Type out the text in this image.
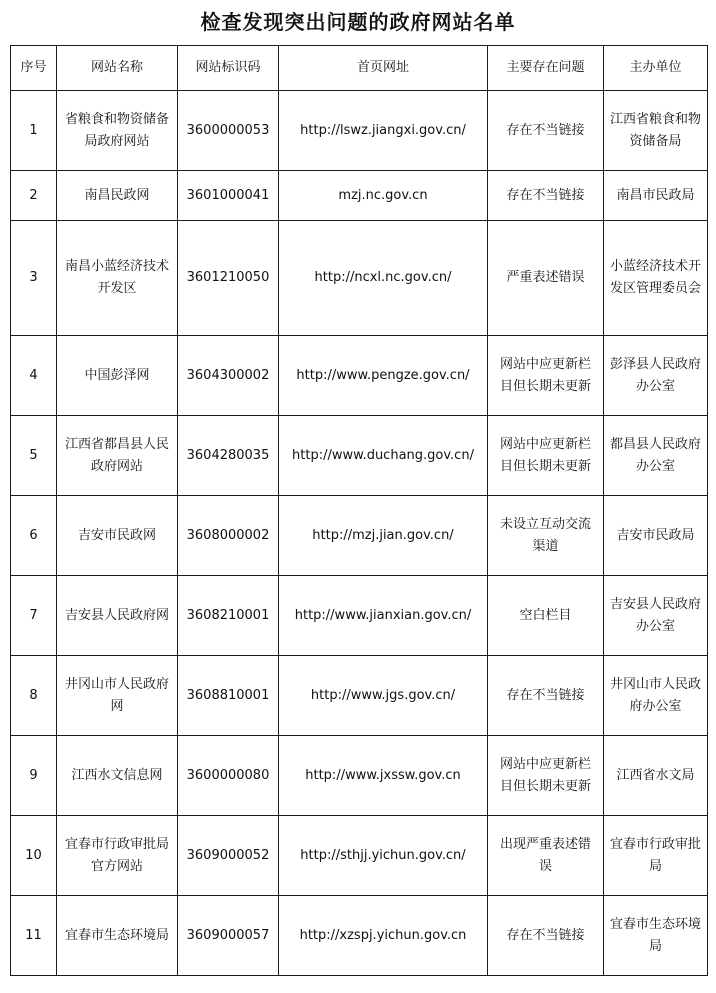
检查发现突出问题的政府网站名单
序号	网站名称	网站标识码	首页网址	主要存在问题	主办单位
1	省粮食和物资储备局政府网站	3600000053	http://lswz.jiangxi.gov.cn/	存在不当链接	江西省粮食和物资储备局
2	南昌民政网	3601000041	mzj.nc.gov.cn	存在不当链接	南昌市民政局
3	南昌小蓝经济技术开发区	3601210050	http://ncxl.nc.gov.cn/	严重表述错误	小蓝经济技术开发区管理委员会
4	中国彭泽网	3604300002	http://www.pengze.gov.cn/	网站中应更新栏目但长期未更新	彭泽县人民政府办公室
5	江西省都昌县人民政府网站	3604280035	http://www.duchang.gov.cn/	网站中应更新栏目但长期未更新	都昌县人民政府办公室
6	吉安市民政网	3608000002	http://mzj.jian.gov.cn/	未设立互动交流渠道	吉安市民政局
7	吉安县人民政府网	3608210001	http://www.jianxian.gov.cn/	空白栏目	吉安县人民政府办公室
8	井冈山市人民政府网	3608810001	http://www.jgs.gov.cn/	存在不当链接	井冈山市人民政府办公室
9	江西水文信息网	3600000080	http://www.jxssw.gov.cn	网站中应更新栏目但长期未更新	江西省水文局
10	宜春市行政审批局官方网站	3609000052	http://sthjj.yichun.gov.cn/	出现严重表述错误	宜春市行政审批局
11	宜春市生态环境局	3609000057	http://xzspj.yichun.gov.cn	存在不当链接	宜春市生态环境局
